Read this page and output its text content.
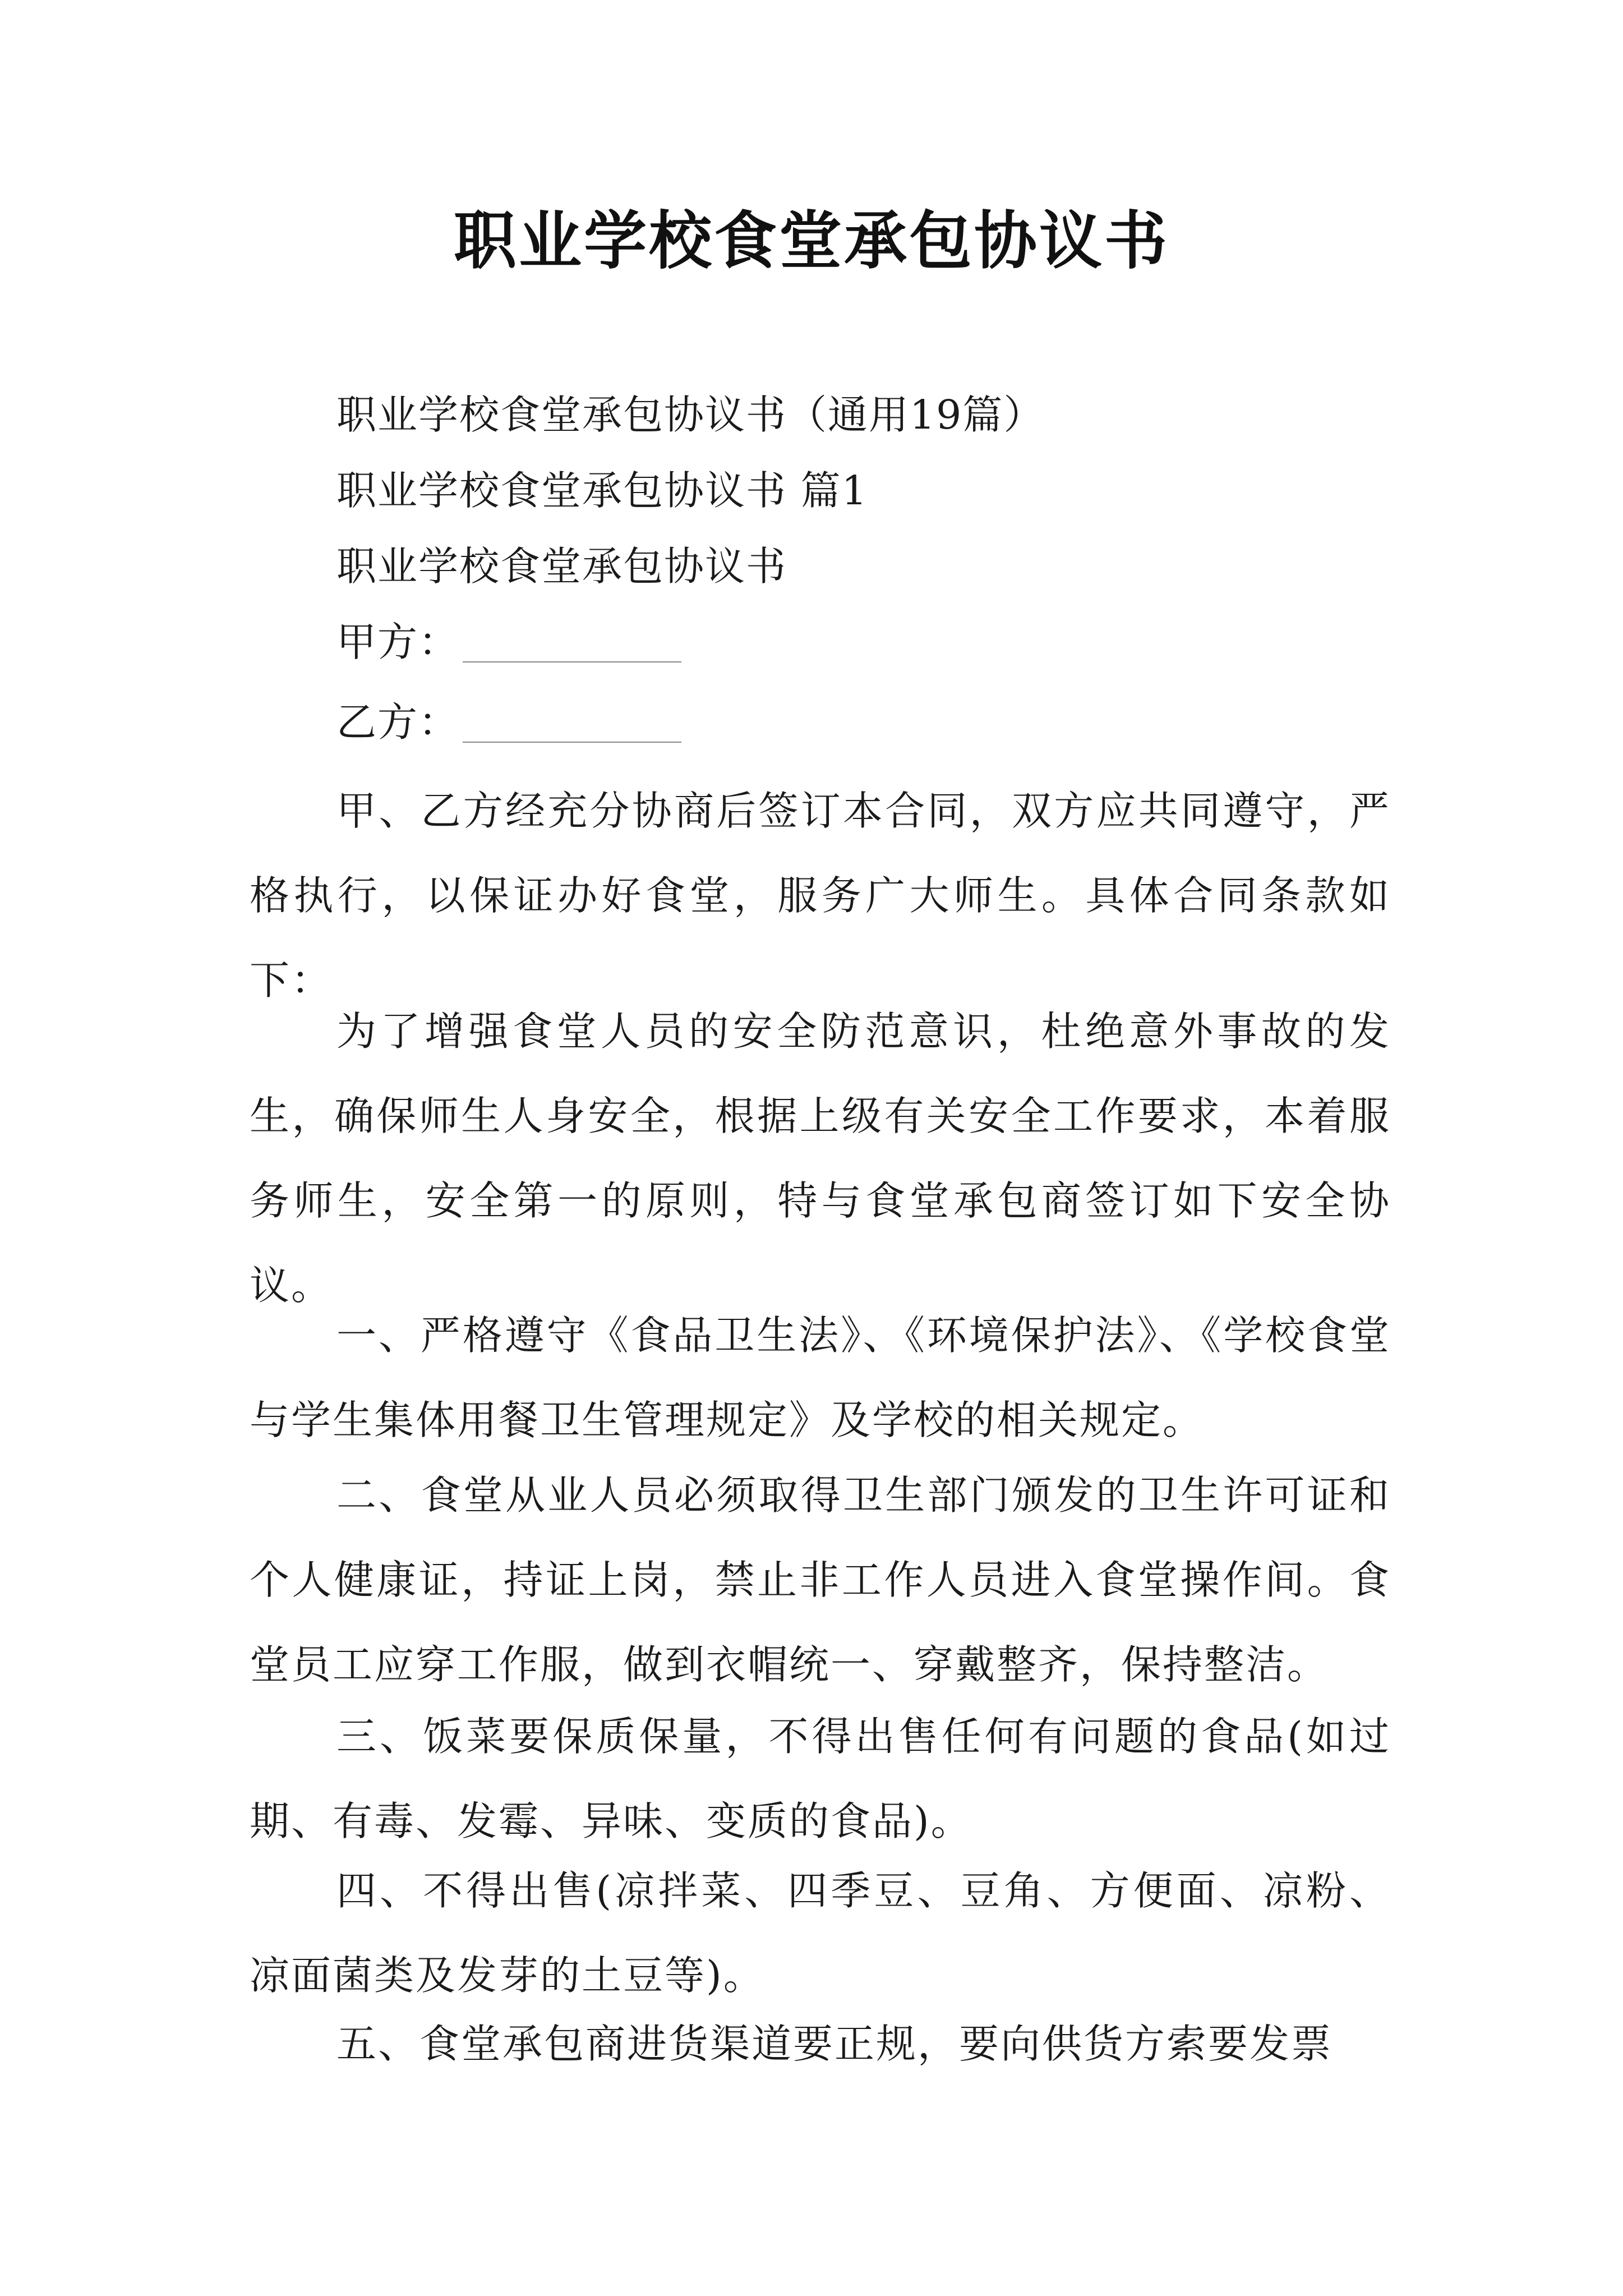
职业学校食堂承包协议书
职业学校食堂承包协议书（通用19篇）
职业学校食堂承包协议书 篇1
职业学校食堂承包协议书
甲方：
乙方：

甲、乙方经充分协商后签订本合同，双方应共同遵守，严格执行，以保证办好食堂，服务广大师生。具体合同条款如下：

为了增强食堂人员的安全防范意识，杜绝意外事故的发生，确保师生人身安全，根据上级有关安全工作要求，本着服务师生，安全第一的原则，特与食堂承包商签订如下安全协议。

一、严格遵守《食品卫生法》、《环境保护法》、《学校食堂与学生集体用餐卫生管理规定》及学校的相关规定。

二、食堂从业人员必须取得卫生部门颁发的卫生许可证和个人健康证，持证上岗，禁止非工作人员进入食堂操作间。食堂员工应穿工作服，做到衣帽统一、穿戴整齐，保持整洁。

三、饭菜要保质保量，不得出售任何有问题的食品(如过期、有毒、发霉、异味、变质的食品)。

四、不得出售(凉拌菜、四季豆、豆角、方便面、凉粉、凉面菌类及发芽的土豆等)。

五、食堂承包商进货渠道要正规，要向供货方索要发票
